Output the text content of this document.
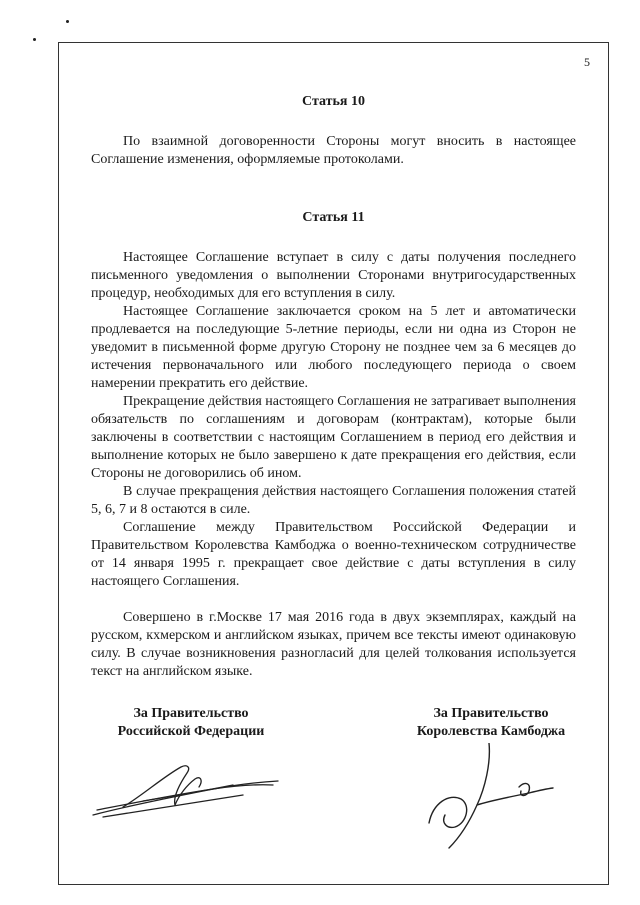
5

Статья 10

По взаимной договоренности Стороны могут вносить в настоящее Соглашение изменения, оформляемые протоколами.

Статья 11

Настоящее Соглашение вступает в силу с даты получения последнего письменного уведомления о выполнении Сторонами внутригосударственных процедур, необходимых для его вступления в силу.

Настоящее Соглашение заключается сроком на 5 лет и автоматически продлевается на последующие 5-летние периоды, если ни одна из Сторон не уведомит в письменной форме другую Сторону не позднее чем за 6 месяцев до истечения первоначального или любого последующего периода о своем намерении прекратить его действие.

Прекращение действия настоящего Соглашения не затрагивает выполнения обязательств по соглашениям и договорам (контрактам), которые были заключены в соответствии с настоящим Соглашением в период его действия и выполнение которых не было завершено к дате прекращения его действия, если Стороны не договорились об ином.

В случае прекращения действия настоящего Соглашения положения статей 5, 6, 7 и 8 остаются в силе.

Соглашение между Правительством Российской Федерации и Правительством Королевства Камбоджа о военно-техническом сотрудничестве от 14 января 1995 г. прекращает свое действие с даты вступления в силу настоящего Соглашения.

Совершено в г.Москве 17 мая 2016 года в двух экземплярах, каждый на русском, кхмерском и английском языках, причем все тексты имеют одинаковую силу. В случае возникновения разногласий для целей толкования используется текст на английском языке.

За Правительство
Российской Федерации
За Правительство
Королевства Камбоджа
